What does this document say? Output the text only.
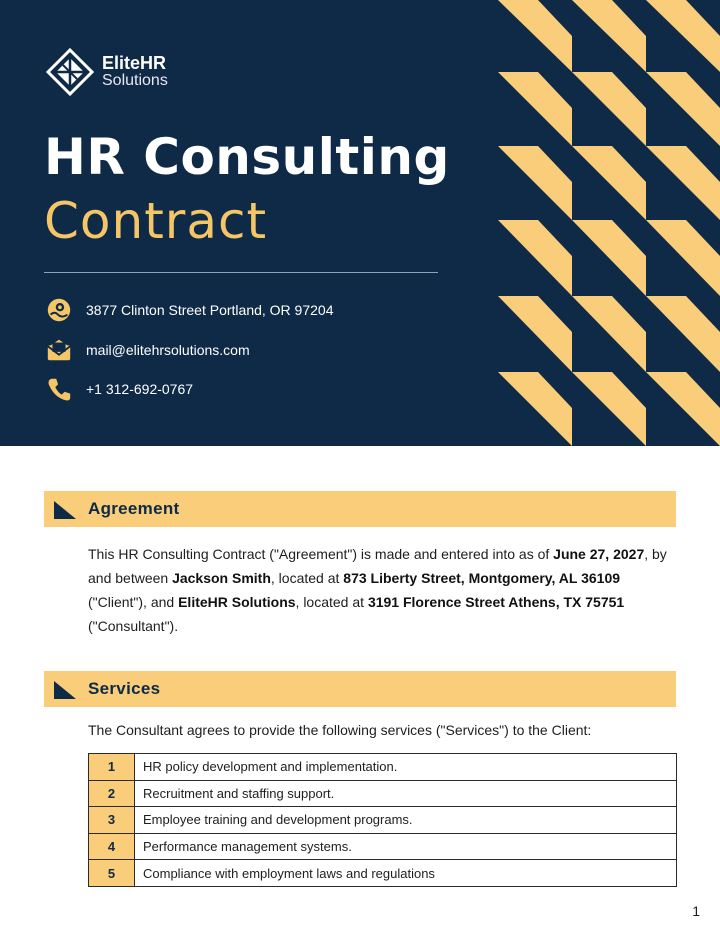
EliteHR
Solutions
HR Consulting
Contract
3877 Clinton Street Portland, OR 97204
mail@elitehrsolutions.com
+1 312-692-0767
Agreement

This HR Consulting Contract ("Agreement") is made and entered into as of June 27, 2027, by and between Jackson Smith, located at 873 Liberty Street, Montgomery, AL 36109 ("Client"), and EliteHR Solutions, located at 3191 Florence Street Athens, TX 75751 ("Consultant").

Services
The Consultant agrees to provide the following services ("Services") to the Client:
1	HR policy development and implementation.
2	Recruitment and staffing support.
3	Employee training and development programs.
4	Performance management systems.
5	Compliance with employment laws and regulations
1
